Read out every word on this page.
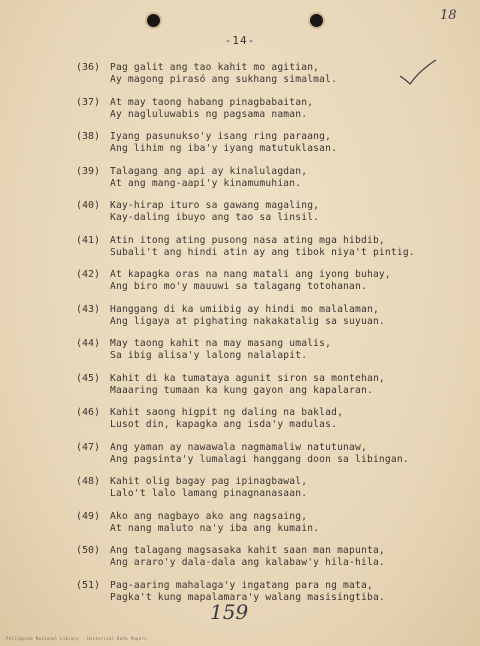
18
-14-
(36)	Pag galit ang tao kahit mo agitian,
Ay magong pirasó ang sukhang simalmal.
(37)	At may taong habang pinagbabaitan,
Ay nagluluwabis ng pagsama naman.
(38)	Iyang pasunukso'y isang ring paraang,
Ang lihim ng iba'y iyang matutuklasan.
(39)	Talagang ang api ay kinalulagdan,
At ang mang-aapi'y kinamumuhian.
(40)	Kay-hirap ituro sa gawang magaling,
Kay-daling ibuyo ang tao sa linsil.
(41)	Atin itong ating pusong nasa ating mga hibdib,
Subali't ang hindi atin ay ang tibok niya't pintig.
(42)	At kapagka oras na nang matali ang iyong buhay,
Ang biro mo'y mauuwi sa talagang totohanan.
(43)	Hanggang di ka umiibig ay hindi mo malalaman,
Ang ligaya at pighating nakakatalig sa suyuan.
(44)	May taong kahit na may masang umalis,
Sa ibig alisa'y lalong nalalapit.
(45)	Kahit di ka tumataya agunit siron sa montehan,
Maaaring tumaan ka kung gayon ang kapalaran.
(46)	Kahit saong higpit ng daling na baklad,
Lusot din, kapagka ang isda'y madulas.
(47)	Ang yaman ay nawawala nagmamaliw natutunaw,
Ang pagsinta'y lumalagi hanggang doon sa libingan.
(48)	Kahit olig bagay pag ipinagbawal,
Lalo't lalo lamang pinagnanasaan.
(49)	Ako ang nagbayo ako ang nagsaing,
At nang maluto na'y iba ang kumain.
(50)	Ang talagang magsasaka kahit saan man mapunta,
Ang araro'y dala-dala ang kalabaw'y hila-hila.
(51)	Pag-aaring mahalaga'y ingatang para ng mata,
Pagka't kung mapalamara'y walang masisingtiba.
159
Philippine National Library · Historical Data Papers
